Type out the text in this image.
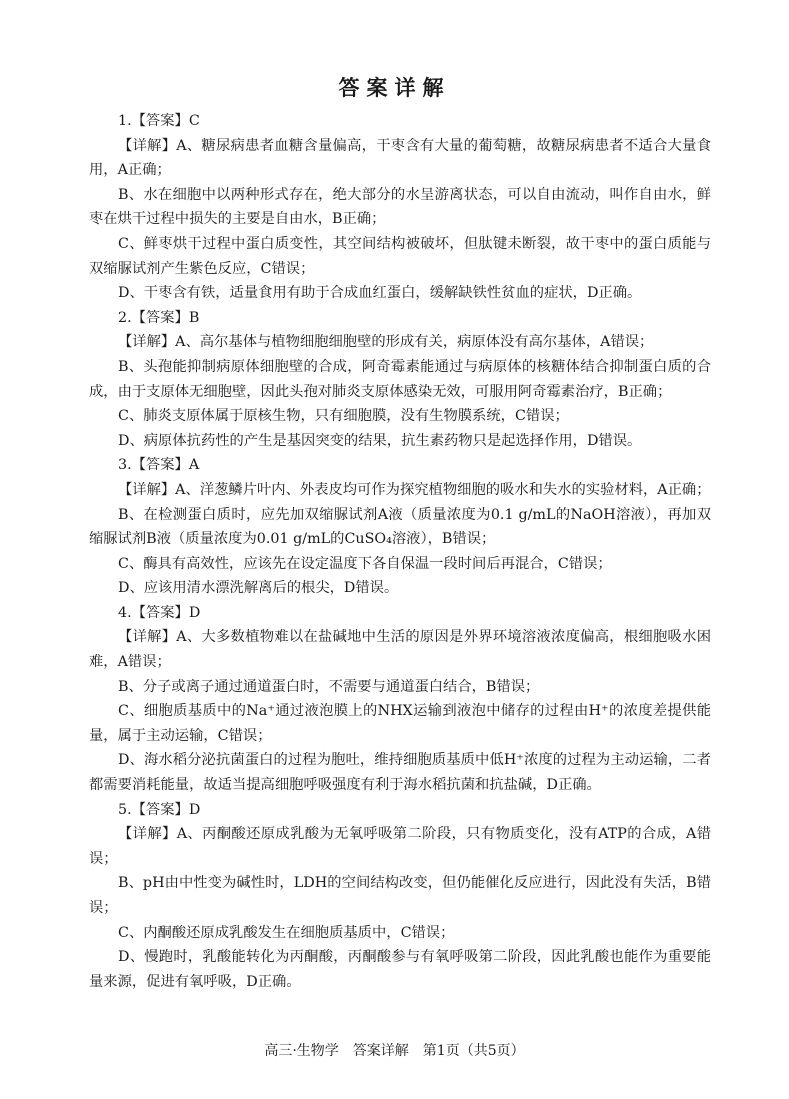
答案详解

1.【答案】C

【详解】A、糖尿病患者血糖含量偏高，干枣含有大量的葡萄糖，故糖尿病患者不适合大量食用，A正确；

B、水在细胞中以两种形式存在，绝大部分的水呈游离状态，可以自由流动，叫作自由水，鲜枣在烘干过程中损失的主要是自由水，B正确；

C、鲜枣烘干过程中蛋白质变性，其空间结构被破坏，但肽键未断裂，故干枣中的蛋白质能与双缩脲试剂产生紫色反应，C错误；

D、干枣含有铁，适量食用有助于合成血红蛋白，缓解缺铁性贫血的症状，D正确。

2.【答案】B

【详解】A、高尔基体与植物细胞细胞壁的形成有关，病原体没有高尔基体，A错误；

B、头孢能抑制病原体细胞壁的合成，阿奇霉素能通过与病原体的核糖体结合抑制蛋白质的合成，由于支原体无细胞壁，因此头孢对肺炎支原体感染无效，可服用阿奇霉素治疗，B正确；

C、肺炎支原体属于原核生物，只有细胞膜，没有生物膜系统，C错误；

D、病原体抗药性的产生是基因突变的结果，抗生素药物只是起选择作用，D错误。

3.【答案】A

【详解】A、洋葱鳞片叶内、外表皮均可作为探究植物细胞的吸水和失水的实验材料，A正确；

B、在检测蛋白质时，应先加双缩脲试剂A液（质量浓度为0.1 g/mL的NaOH溶液），再加双缩脲试剂B液（质量浓度为0.01 g/mL的CuSO₄溶液），B错误；

C、酶具有高效性，应该先在设定温度下各自保温一段时间后再混合，C错误；

D、应该用清水漂洗解离后的根尖，D错误。

4.【答案】D

【详解】A、大多数植物难以在盐碱地中生活的原因是外界环境溶液浓度偏高，根细胞吸水困难，A错误；

B、分子或离子通过通道蛋白时，不需要与通道蛋白结合，B错误；

C、细胞质基质中的Na⁺通过液泡膜上的NHX运输到液泡中储存的过程由H⁺的浓度差提供能量，属于主动运输，C错误；

D、海水稻分泌抗菌蛋白的过程为胞吐，维持细胞质基质中低H⁺浓度的过程为主动运输，二者都需要消耗能量，故适当提高细胞呼吸强度有利于海水稻抗菌和抗盐碱，D正确。

5.【答案】D

【详解】A、丙酮酸还原成乳酸为无氧呼吸第二阶段，只有物质变化，没有ATP的合成，A错误；

B、pH由中性变为碱性时，LDH的空间结构改变，但仍能催化反应进行，因此没有失活，B错误；

C、内酮酸还原成乳酸发生在细胞质基质中，C错误；

D、慢跑时，乳酸能转化为丙酮酸，丙酮酸参与有氧呼吸第二阶段，因此乳酸也能作为重要能量来源，促进有氧呼吸，D正确。

高三·生物学　答案详解　第1页（共5页）
